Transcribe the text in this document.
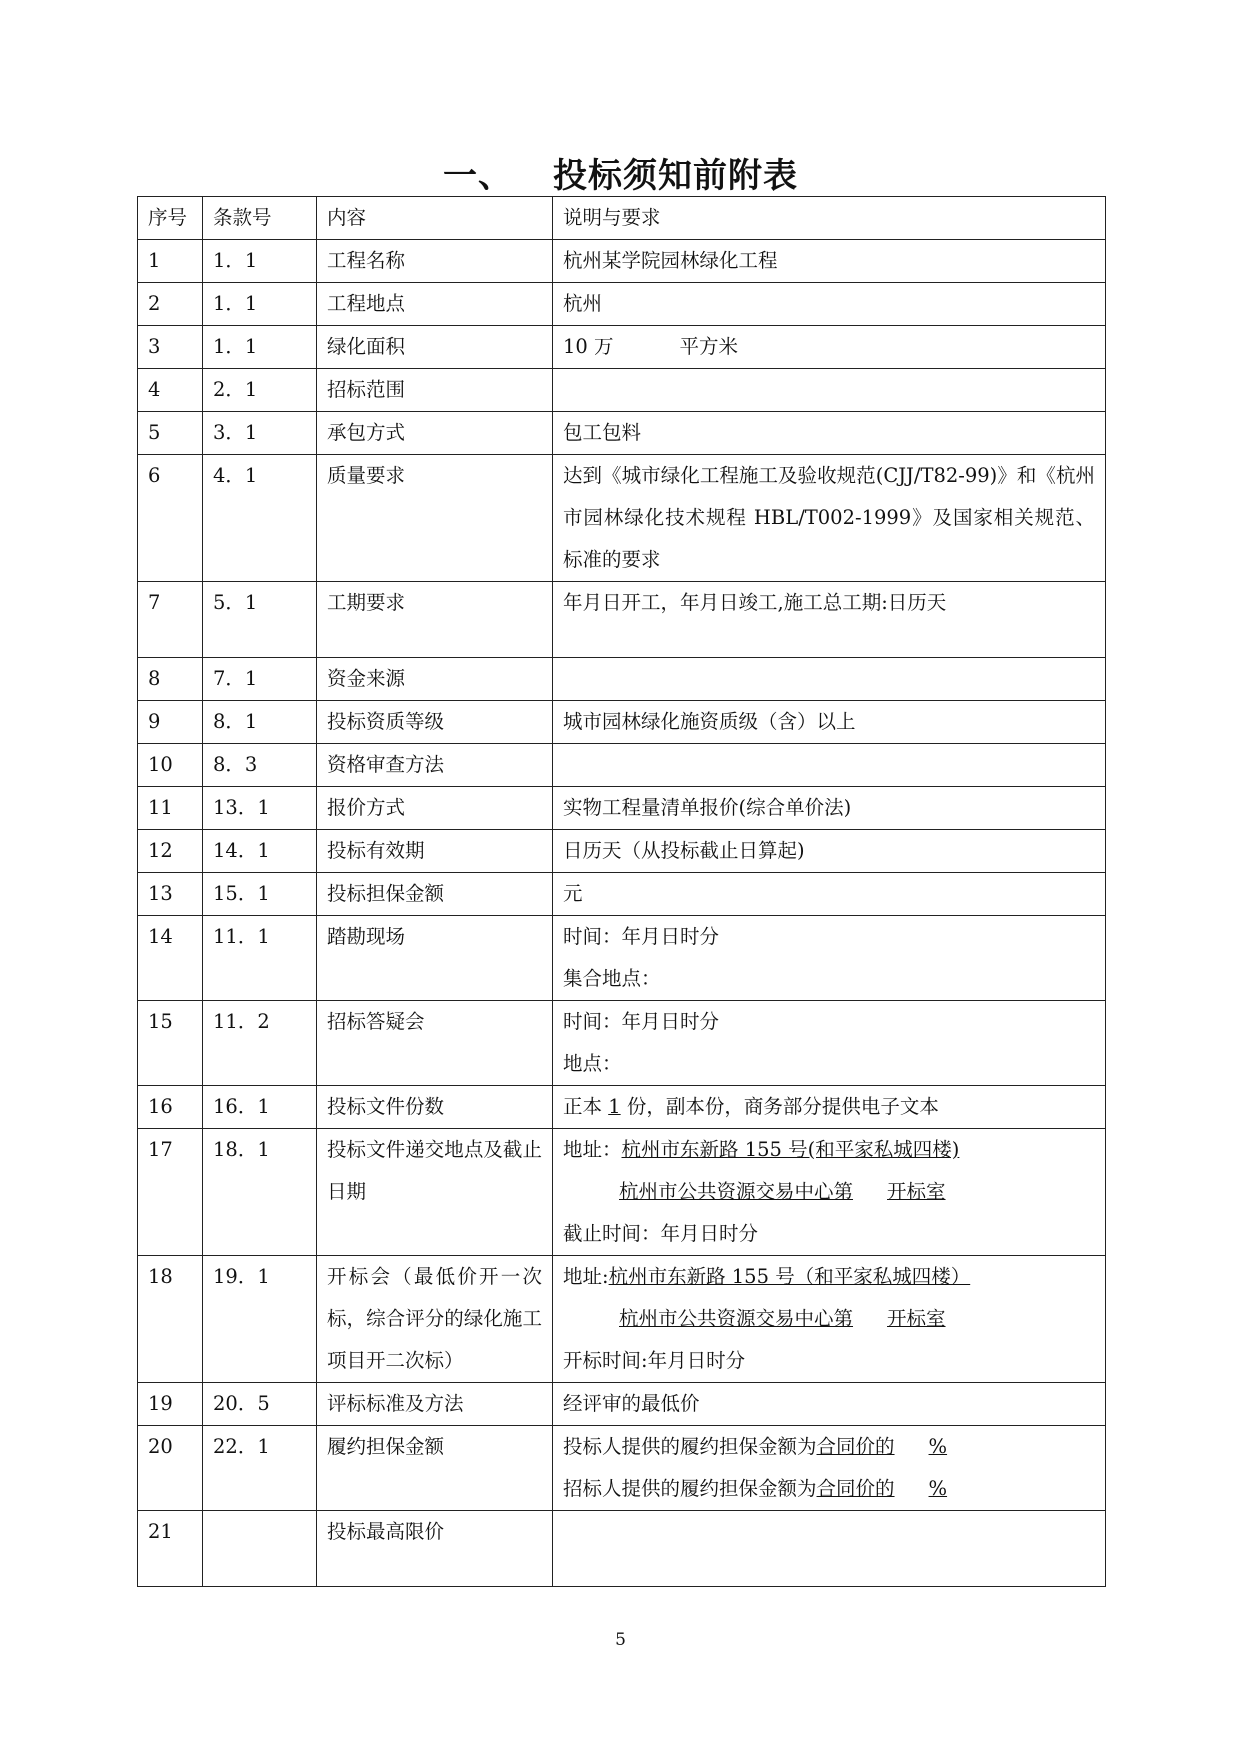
一、 投标须知前附表
序号	条款号	内容	说明与要求
1	1．1	工程名称	杭州某学院园林绿化工程
2	1．1	工程地点	杭州
3	1．1	绿化面积	10 万 平方米
4	2．1	招标范围	
5	3．1	承包方式	包工包料
6	4．1	质量要求	达到《城市绿化工程施工及验收规范(CJJ/T82-99)》和《杭州市园林绿化技术规程 HBL/T002-1999》及国家相关规范、标准的要求
7	5．1	工期要求	年月日开工，年月日竣工,施工总工期:日历天
8	7．1	资金来源	
9	8．1	投标资质等级	城市园林绿化施资质级（含）以上
10	8．3	资格审查方法	
11	13．1	报价方式	实物工程量清单报价(综合单价法)
12	14．1	投标有效期	日历天（从投标截止日算起)
13	15．1	投标担保金额	元
14	11．1	踏勘现场	时间：年月日时分
集合地点：

15	11．2	招标答疑会	时间：年月日时分
地点：

16	16．1	投标文件份数	正本 1 份，副本份，商务部分提供电子文本
17	18．1	投标文件递交地点及截止日期	地址：杭州市东新路 155 号(和平家私城四楼)
杭州市公共资源交易中心第 开标室
截止时间：年月日时分

18	19．1	开标会（最低价开一次标，综合评分的绿化施工项目开二次标）	地址:杭州市东新路 155 号（和平家私城四楼）
杭州市公共资源交易中心第 开标室
开标时间:年月日时分

19	20．5	评标标准及方法	经评审的最低价
20	22．1	履约担保金额	投标人提供的履约担保金额为合同价的 %
招标人提供的履约担保金额为合同价的 %

21		投标最高限价	
5
